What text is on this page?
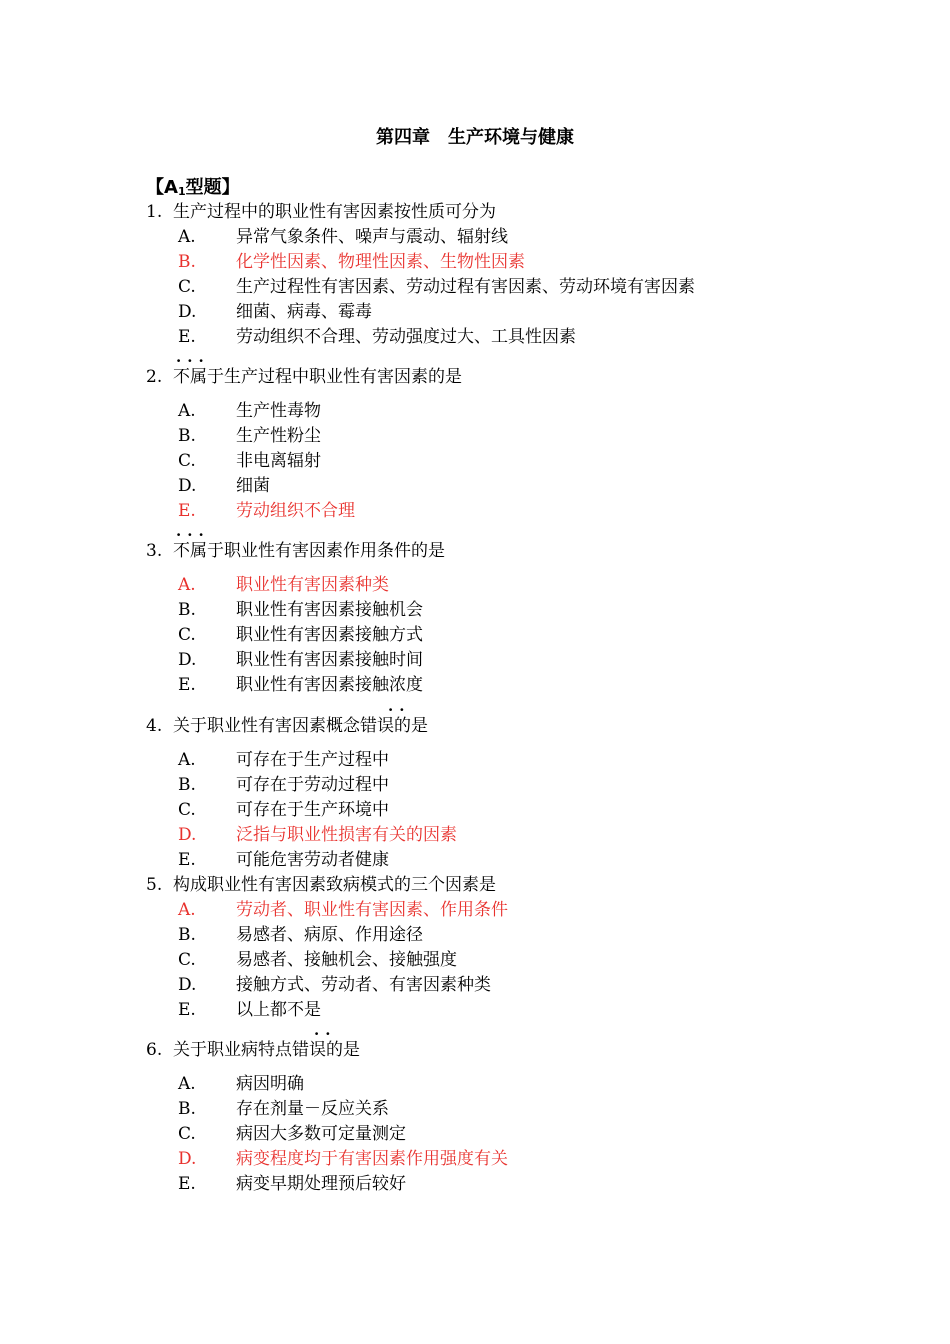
第四章　生产环境与健康
【$A_1$型题】
1. 生产过程中的职业性有害因素按性质可分为
A. 异常气象条件、噪声与震动、辐射线
B. 化学性因素、物理性因素、生物性因素
C. 生产过程性有害因素、劳动过程有害因素、劳动环境有害因素
D. 细菌、病毒、霉毒
E. 劳动组织不合理、劳动强度过大、工具性因素
...
2. 不属于生产过程中职业性有害因素的是
A. 生产性毒物
B. 生产性粉尘
C. 非电离辐射
D. 细菌
E. 劳动组织不合理
...
3. 不属于职业性有害因素作用条件的是
A. 职业性有害因素种类
B. 职业性有害因素接触机会
C. 职业性有害因素接触方式
D. 职业性有害因素接触时间
E. 职业性有害因素接触浓度
..
4. 关于职业性有害因素概念错误的是
A. 可存在于生产过程中
B. 可存在于劳动过程中
C. 可存在于生产环境中
D. 泛指与职业性损害有关的因素
E. 可能危害劳动者健康
5. 构成职业性有害因素致病模式的三个因素是
A. 劳动者、职业性有害因素、作用条件
B. 易感者、病原、作用途径
C. 易感者、接触机会、接触强度
D. 接触方式、劳动者、有害因素种类
E. 以上都不是
..
6. 关于职业病特点错误的是
A. 病因明确
B. 存在剂量－反应关系
C. 病因大多数可定量测定
D. 病变程度均于有害因素作用强度有关
E. 病变早期处理预后较好
